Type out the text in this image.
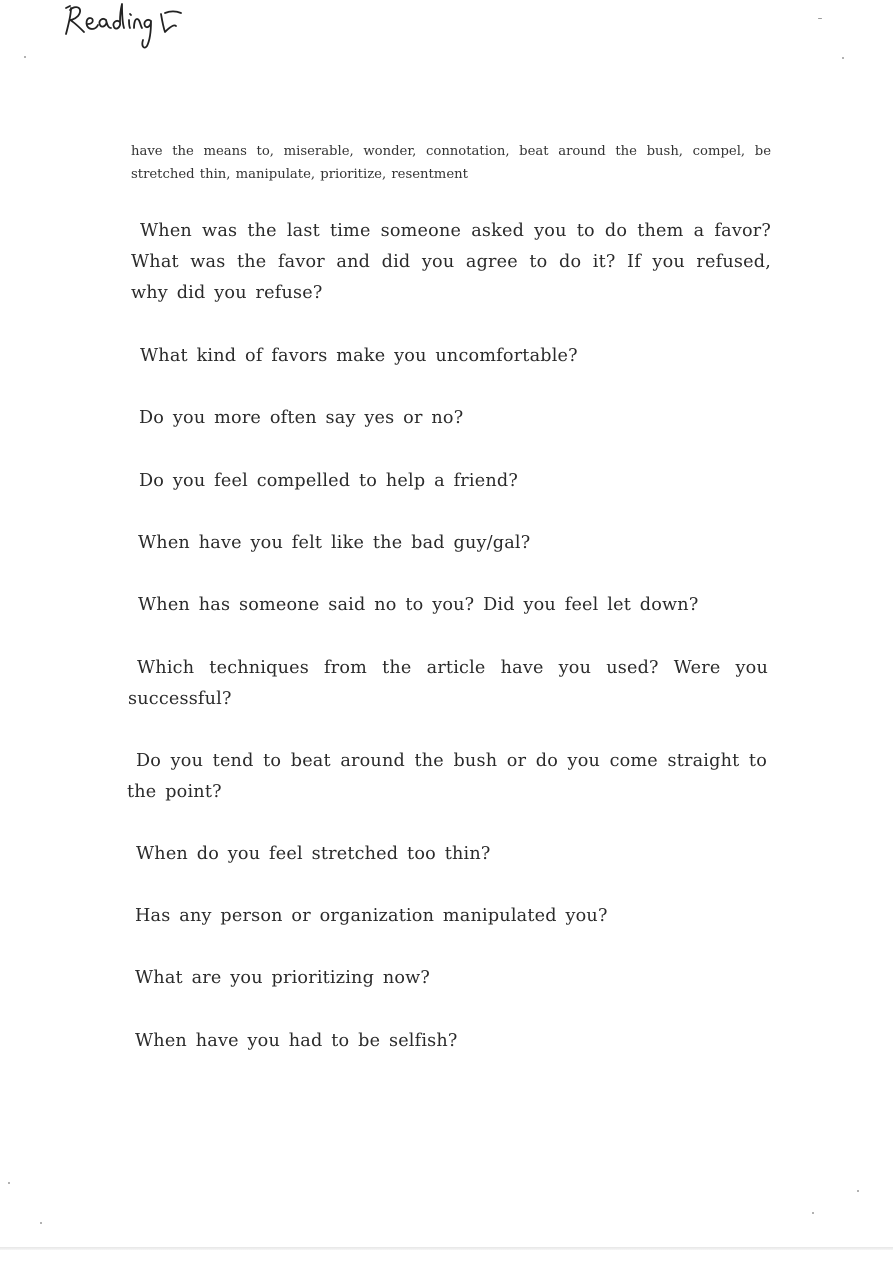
have the means to, miserable, wonder, connotation, beat around the bush, compel, be stretched thin, manipulate, prioritize, resentment
When was the last time someone asked you to do them a favor? What was the favor and did you agree to do it? If you refused, why did you refuse?
What kind of favors make you uncomfortable?
Do you more often say yes or no?
Do you feel compelled to help a friend?
When have you felt like the bad guy/gal?
When has someone said no to you? Did you feel let down?
Which techniques from the article have you used? Were you successful?
Do you tend to beat around the bush or do you come straight to the point?
When do you feel stretched too thin?
Has any person or organization manipulated you?
What are you prioritizing now?
When have you had to be selfish?
